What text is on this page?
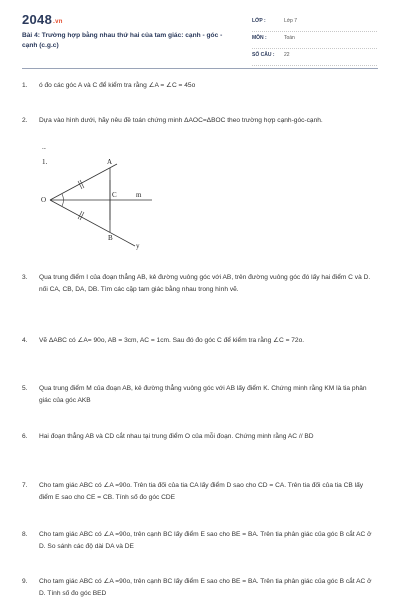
2048.vn
Bài 4: Trường hợp bằng nhau thứ hai của tam giác: cạnh - góc - cạnh (c.g.c)
LỚP :	Lớp 7
MÔN :	Toán
SỐ CÂU : 22
1. ó đo các góc A và C để kiểm tra rằng ∠A = ∠C = 45o
2. Dựa vào hình dưới, hãy nêu đề toán chứng minh ΔAOC=ΔBOC theo trường hợp cạnh-góc-cạnh.
~
1.	A
O
C	m
B
y
3. Qua trung điểm I của đoạn thẳng AB, kẻ đường vuông góc với AB, trên đường vuông góc đó lấy hai điểm C và D. nối CA, CB, DA, DB. Tìm các cặp tam giác bằng nhau trong hình vẽ.
4. Vẽ ΔABC có ∠A= 90o, AB = 3cm, AC = 1cm. Sau đó đo góc C để kiểm tra rằng ∠C = 72o.
5. Qua trung điểm M của đoạn AB, kẻ đường thẳng vuông góc với AB lấy điểm K. Chứng minh rằng KM là tia phân giác của góc AKB
6. Hai đoạn thẳng AB và CD cắt nhau tại trung điểm O của mỗi đoạn. Chứng minh rằng AC // BD
7. Cho tam giác ABC có ∠A =90o. Trên tia đối của tia CA lấy điểm D sao cho CD = CA. Trên tia đối của tia CB lấy điểm E sao cho CE = CB. Tính số đo góc CDE
8. Cho tam giác ABC có ∠A =90o, trên cạnh BC lấy điểm E sao cho BE = BA. Trên tia phân giác của góc B cắt AC ở D. So sánh các độ dài DA và DE
9. Cho tam giác ABC có ∠A =90o, trên cạnh BC lấy điểm E sao cho BE = BA. Trên tia phân giác của góc B cắt AC ở D. Tính số đo góc BED
